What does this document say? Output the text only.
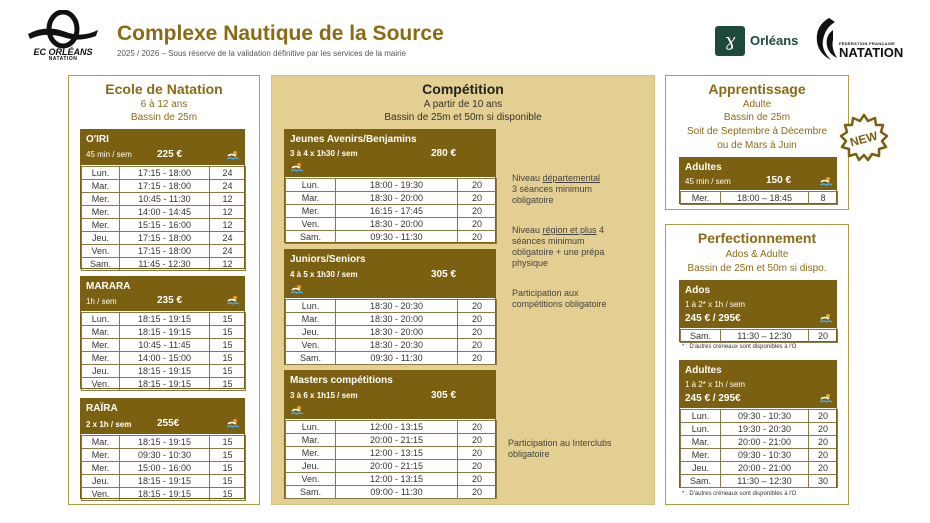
EC ORLÉANS
NATATION
Complexe Nautique de la Source
2025 / 2026 – Sous réserve de la validation définitive par les services de la mairie
ɣ	Orléans	FÉDÉRATION FRANÇAISE
NATATION
Ecole de Natation
6 à 12 ans
Bassin de 25m
O'IRI
45 min / sem	225 €
Lun.	17:15 - 18:00	24
Mar.	17:15 - 18:00	24
Mer.	10:45 - 11:30	12
Mer.	14:00 - 14:45	12
Mer.	15:15 - 16:00	12
Jeu.	17:15 - 18:00	24
Ven.	17:15 - 18:00	24
Sam.	11:45 - 12:30	12
MARARA
1h / sem	235 €
Lun.	18:15 - 19:15	15
Mar.	18:15 - 19:15	15
Mer.	10:45 - 11:45	15
Mer.	14:00 - 15:00	15
Jeu.	18:15 - 19:15	15
Ven.	18:15 - 19:15	15
RAÏRA
2 x 1h / sem	255€
Mar.	18:15 - 19:15	15
Mer.	09:30 - 10:30	15
Mer.	15:00 - 16:00	15
Jeu.	18:15 - 19:15	15
Ven.	18:15 - 19:15	15
Compétition
A partir de 10 ans
Bassin de 25m et 50m si disponible
Jeunes Avenirs/Benjamins
3 à 4 x 1h30 / sem	280 €
Lun.	18:00 - 19:30	20
Mar.	18:30 - 20:00	20
Mer.	16:15 - 17:45	20
Ven.	18:30 - 20:00	20
Sam.	09:30 - 11:30	20
Juniors/Seniors
4 à 5 x 1h30 / sem	305 €
Lun.	18:30 - 20:30	20
Mar.	18:30 - 20:00	20
Jeu.	18:30 - 20:00	20
Ven.	18:30 - 20:30	20
Sam.	09:30 - 11:30	20
Masters compétitions
3 à 6 x 1h15 / sem	305 €
Lun.	12:00 - 13:15	20
Mar.	20:00 - 21:15	20
Mer.	12:00 - 13:15	20
Jeu.	20:00 - 21:15	20
Ven.	12:00 - 13:15	20
Sam.	09:00 - 11:30	20
Niveau départemental
3 séances minimum
obligatoire
Niveau région et plus 4
séances minimum
obligatoire + une prépa
physique
Participation aux
compétitions obligatoire
Participation au Interclubs
obligatoire
Apprentissage
Adulte
Bassin de 25m
Soit de Septembre à Décembre
ou de Mars à Juin
Adultes
45 min / sem	150 €
Mer.	18:00 – 18:45	8
NEW
Perfectionnement
Ados & Adulte
Bassin de 25m et 50m si dispo.
Ados
1 à 2* x 1h / sem
245 € / 295€
Sam.	11:30 – 12:30	20
* : D'autres créneaux sont disponibles à l'O
Adultes
1 à 2* x 1h / sem
245 € / 295€
Lun.	09:30 - 10:30	20
Lun.	19:30 - 20:30	20
Mar.	20:00 - 21:00	20
Mer.	09:30 - 10:30	20
Jeu.	20:00 - 21:00	20
Sam.	11:30 – 12:30	30
* : D'autres créneaux sont disponibles à l'O
